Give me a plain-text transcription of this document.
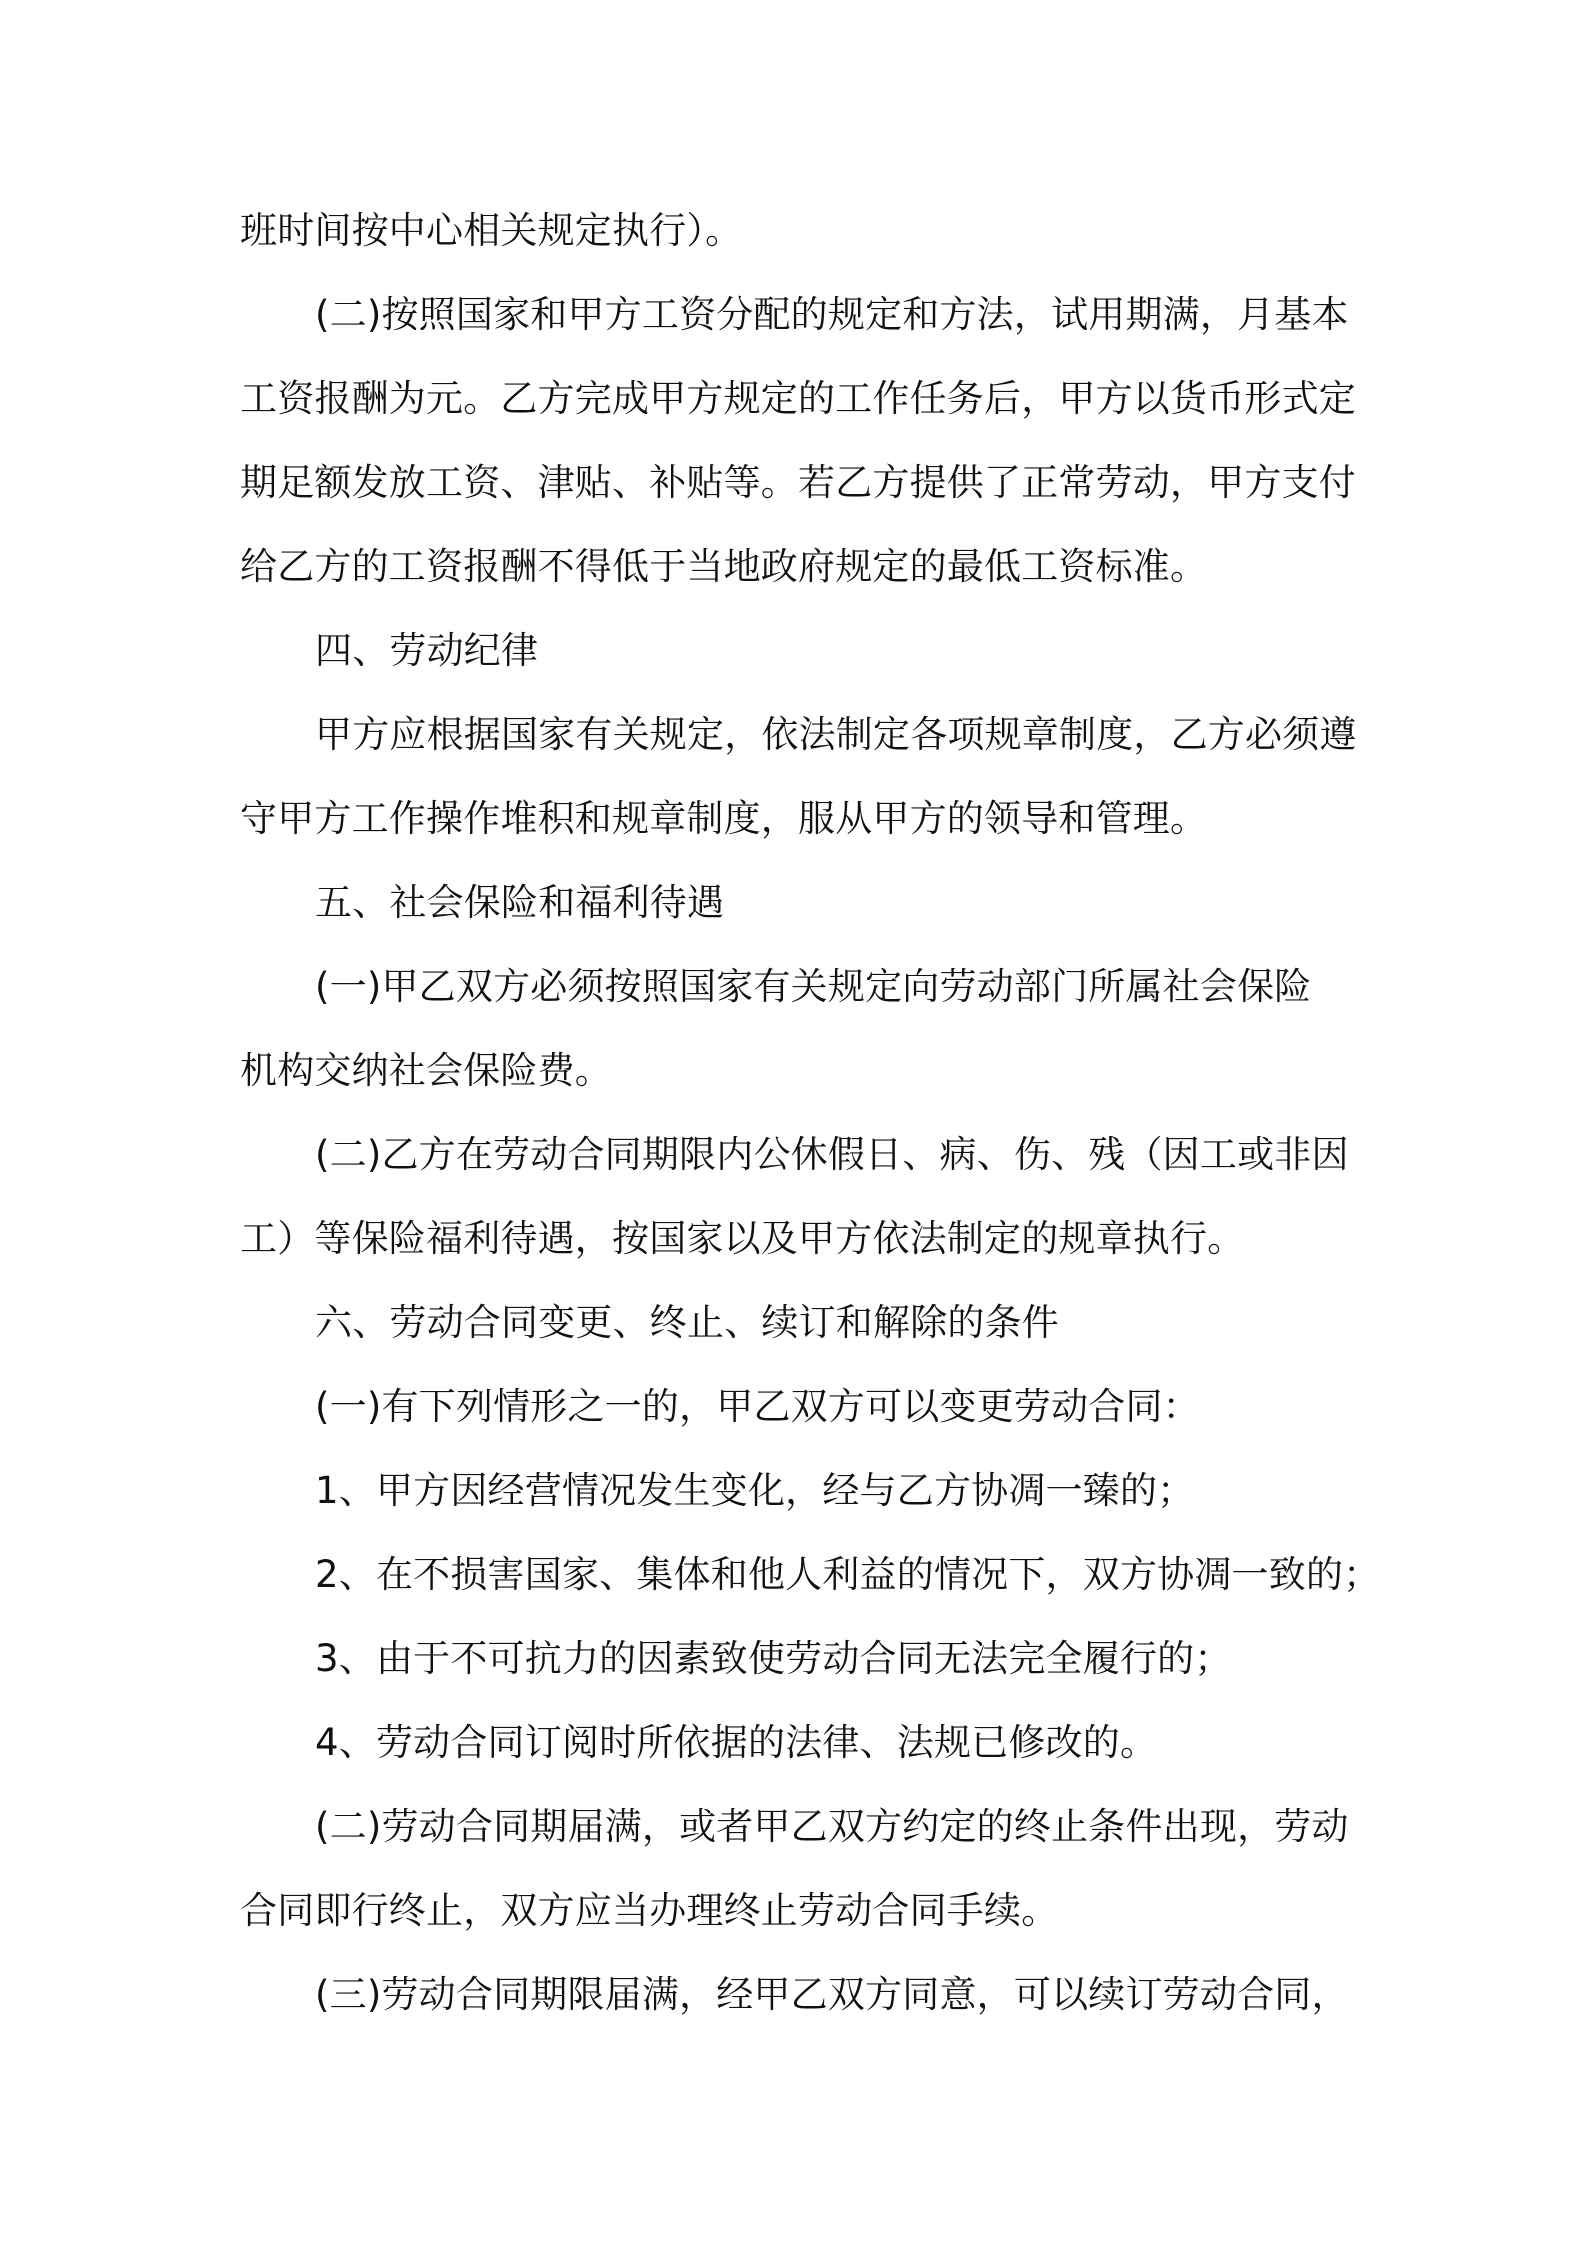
班时间按中心相关规定执行）。
(二)按照国家和甲方工资分配的规定和方法，试用期满，月基本
工资报酬为元。乙方完成甲方规定的工作任务后，甲方以货币形式定
期足额发放工资、津贴、补贴等。若乙方提供了正常劳动，甲方支付
给乙方的工资报酬不得低于当地政府规定的最低工资标准。
四、劳动纪律
甲方应根据国家有关规定，依法制定各项规章制度，乙方必须遵
守甲方工作操作堆积和规章制度，服从甲方的领导和管理。
五、社会保险和福利待遇
(一)甲乙双方必须按照国家有关规定向劳动部门所属社会保险
机构交纳社会保险费。
(二)乙方在劳动合同期限内公休假日、病、伤、残（因工或非因
工）等保险福利待遇，按国家以及甲方依法制定的规章执行。
六、劳动合同变更、终止、续订和解除的条件
(一)有下列情形之一的，甲乙双方可以变更劳动合同：
1、甲方因经营情况发生变化，经与乙方协凋一臻的；
2、在不损害国家、集体和他人利益的情况下，双方协凋一致的；
3、由于不可抗力的因素致使劳动合同无法完全履行的；
4、劳动合同订阅时所依据的法律、法规已修改的。
(二)劳动合同期届满，或者甲乙双方约定的终止条件出现，劳动
合同即行终止，双方应当办理终止劳动合同手续。
(三)劳动合同期限届满，经甲乙双方同意，可以续订劳动合同，
